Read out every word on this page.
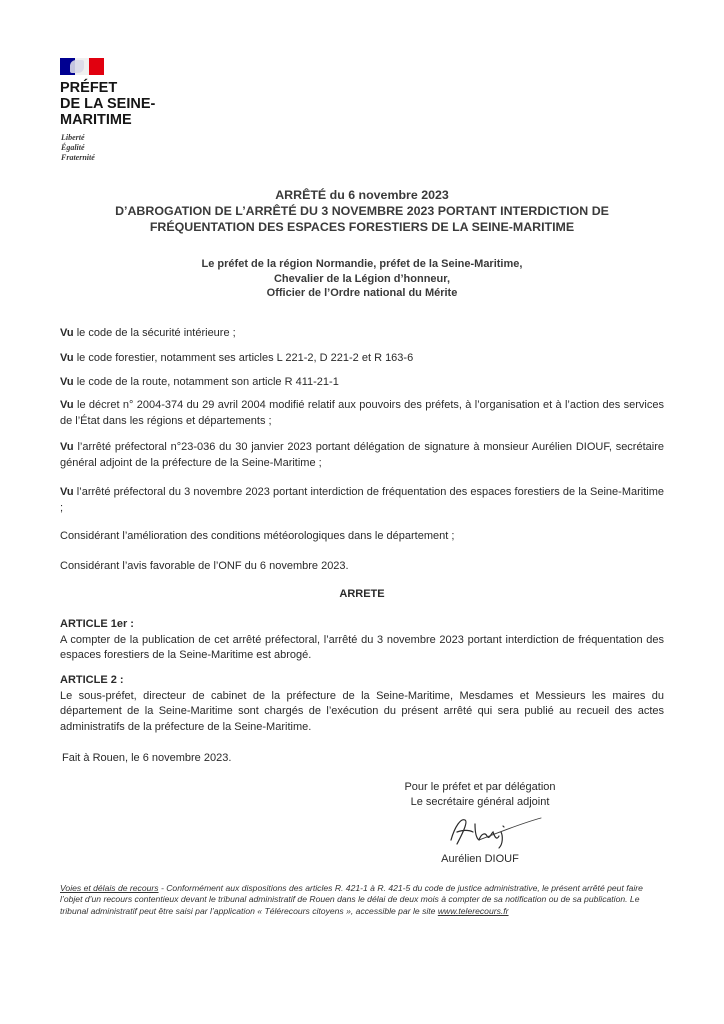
PRÉFET
DE LA SEINE-
MARITIME
Liberté
Égalité
Fraternité
ARRÊTÉ du 6 novembre 2023
D’ABROGATION DE L’ARRÊTÉ DU 3 NOVEMBRE 2023 PORTANT INTERDICTION DE
FRÉQUENTATION DES ESPACES FORESTIERS DE LA SEINE-MARITIME
Le préfet de la région Normandie, préfet de la Seine-Maritime,
Chevalier de la Légion d’honneur,
Officier de l’Ordre national du Mérite
Vu le code de la sécurité intérieure ;
Vu le code forestier, notamment ses articles L 221-2, D 221-2 et R 163-6
Vu le code de la route, notamment son article R 411-21-1
Vu le décret n° 2004-374 du 29 avril 2004 modifié relatif aux pouvoirs des préfets, à l’organisation et à l’action des services de l’État dans les régions et départements ;
Vu l’arrêté préfectoral n°23-036 du 30 janvier 2023 portant délégation de signature à monsieur Aurélien DIOUF, secrétaire général adjoint de la préfecture de la Seine-Maritime ;
Vu l’arrêté préfectoral du 3 novembre 2023 portant interdiction de fréquentation des espaces forestiers de la Seine-Maritime ;
Considérant l’amélioration des conditions météorologiques dans le département ;
Considérant l’avis favorable de l’ONF du 6 novembre 2023.
ARRETE
ARTICLE 1er :
A compter de la publication de cet arrêté préfectoral, l’arrêté du 3 novembre 2023 portant interdiction de fréquentation des espaces forestiers de la Seine-Maritime est abrogé.
ARTICLE 2 :
Le sous-préfet, directeur de cabinet de la préfecture de la Seine-Maritime, Mesdames et Messieurs les maires du département de la Seine-Maritime sont chargés de l’exécution du présent arrêté qui sera publié au recueil des actes administratifs de la préfecture de la Seine-Maritime.
Fait à Rouen, le 6 novembre 2023.
Pour le préfet et par délégation
Le secrétaire général adjoint
Aurélien DIOUF
Voies et délais de recours - Conformément aux dispositions des articles R. 421-1 à R. 421-5 du code de justice administrative, le présent arrêté peut faire l’objet d’un recours contentieux devant le tribunal administratif de Rouen dans le délai de deux mois à compter de sa notification ou de sa publication. Le tribunal administratif peut être saisi par l’application « Télérecours citoyens », accessible par le site www.telerecours.fr
